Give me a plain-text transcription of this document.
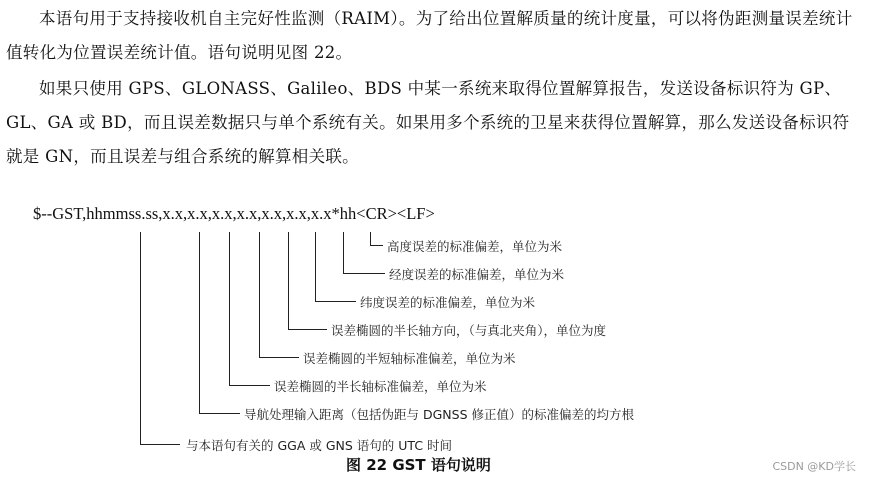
本语句用于支持接收机自主完好性监测（RAIM）。为了给出位置解质量的统计度量，可以将伪距测量误差统计值转化为位置误差统计值。语句说明见图 22。

如果只使用 GPS、GLONASS、Galileo、BDS 中某一系统来取得位置解算报告，发送设备标识符为 GP、GL、GA 或 BD，而且误差数据只与单个系统有关。如果用多个系统的卫星来获得位置解算，那么发送设备标识符就是 GN，而且误差与组合系统的解算相关联。

$--GST,hhmmss.ss,x.x,x.x,x.x,x.x,x.x,x.x,x.x*hh<CR><LF>
高度误差的标准偏差，单位为米
经度误差的标准偏差，单位为米
纬度误差的标准偏差，单位为米
误差椭圆的半长轴方向，（与真北夹角），单位为度
误差椭圆的半短轴标准偏差，单位为米
误差椭圆的半长轴标准偏差，单位为米
导航处理输入距离（包括伪距与 DGNSS 修正值）的标准偏差的均方根
与本语句有关的 GGA 或 GNS 语句的 UTC 时间
图 22 GST 语句说明	CSDN @KD学长
